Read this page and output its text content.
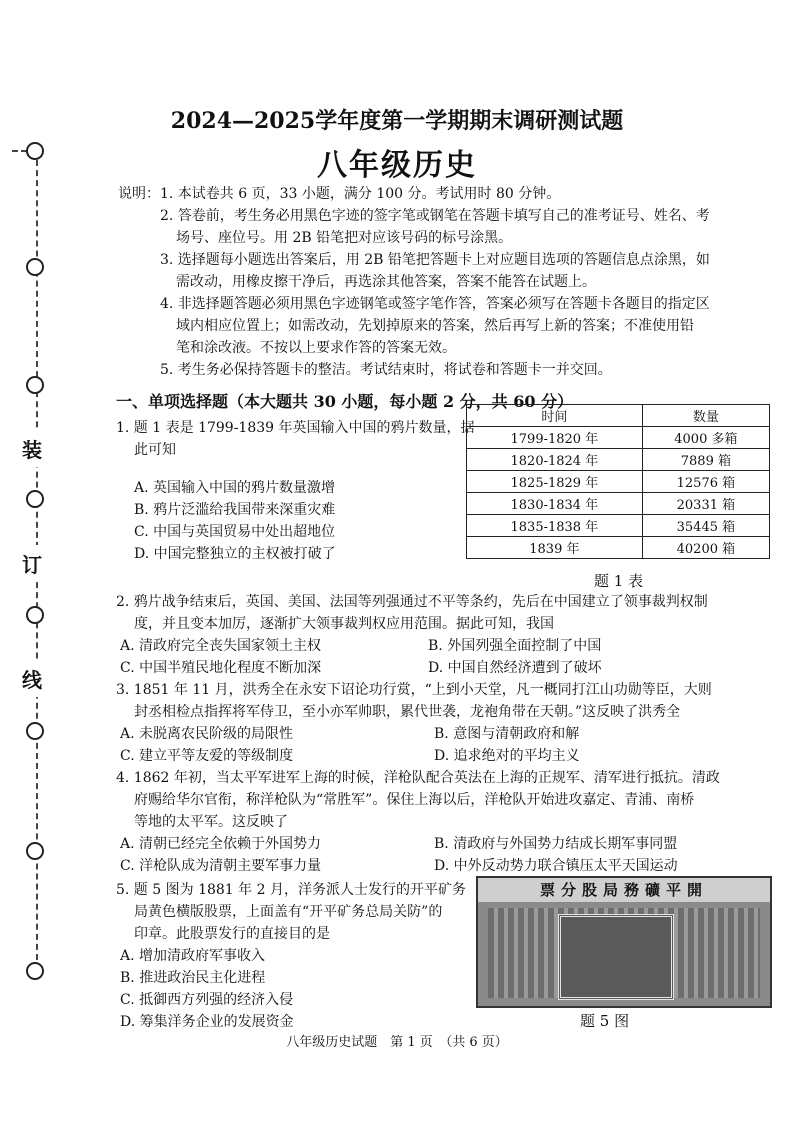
装
订
线
2024—2025学年度第一学期期末调研测试题
八年级历史
说明：1. 本试卷共 6 页，33 小题，满分 100 分。考试用时 80 分钟。
2. 答卷前，考生务必用黑色字迹的签字笔或钢笔在答题卡填写自己的准考证号、姓名、考
场号、座位号。用 2B 铅笔把对应该号码的标号涂黑。
3. 选择题每小题选出答案后，用 2B 铅笔把答题卡上对应题目选项的答题信息点涂黑，如
需改动，用橡皮擦干净后，再选涂其他答案，答案不能答在试题上。
4. 非选择题答题必须用黑色字迹钢笔或签字笔作答，答案必须写在答题卡各题目的指定区
域内相应位置上；如需改动，先划掉原来的答案，然后再写上新的答案；不准使用铅
笔和涂改液。不按以上要求作答的答案无效。
5. 考生务必保持答题卡的整洁。考试结束时，将试卷和答题卡一并交回。
一、单项选择题（本大题共 30 小题，每小题 2 分，共 60 分）
1. 题 1 表是 1799-1839 年英国输入中国的鸦片数量，据
此可知
A. 英国输入中国的鸦片数量激增
B. 鸦片泛滥给我国带来深重灾难
C. 中国与英国贸易中处出超地位
D. 中国完整独立的主权被打破了
时间	数量
1799-1820 年	4000 多箱
1820-1824 年	7889 箱
1825-1829 年	12576 箱
1830-1834 年	20331 箱
1835-1838 年	35445 箱
1839 年	40200 箱
题 1 表
2. 鸦片战争结束后，英国、美国、法国等列强通过不平等条约，先后在中国建立了领事裁判权制
度，并且变本加厉，逐渐扩大领事裁判权应用范围。据此可知，我国
A. 清政府完全丧失国家领土主权	B. 外国列强全面控制了中国
C. 中国半殖民地化程度不断加深	D. 中国自然经济遭到了破坏
3. 1851 年 11 月，洪秀全在永安下诏论功行赏，“上到小天堂，凡一概同打江山功勋等臣，大则
封丞相检点指挥将军侍卫，至小亦军帅职，累代世袭，龙袍角带在天朝。”这反映了洪秀全
A. 未脱离农民阶级的局限性	B. 意图与清朝政府和解
C. 建立平等友爱的等级制度	D. 追求绝对的平均主义
4. 1862 年初，当太平军进军上海的时候，洋枪队配合英法在上海的正规军、清军进行抵抗。清政
府赐给华尔官衔，称洋枪队为“常胜军”。保住上海以后，洋枪队开始进攻嘉定、青浦、南桥
等地的太平军。这反映了
A. 清朝已经完全依赖于外国势力	B. 清政府与外国势力结成长期军事同盟
C. 洋枪队成为清朝主要军事力量	D. 中外反动势力联合镇压太平天国运动
5. 题 5 图为 1881 年 2 月，洋务派人士发行的开平矿务
局黄色横版股票，上面盖有“开平矿务总局关防”的
印章。此股票发行的直接目的是
A. 增加清政府军事收入
B. 推进政治民主化进程
C. 抵御西方列强的经济入侵
D. 筹集洋务企业的发展资金
票分股局務礦平開
题 5 图
八年级历史试题　第 1 页　（共 6 页）
